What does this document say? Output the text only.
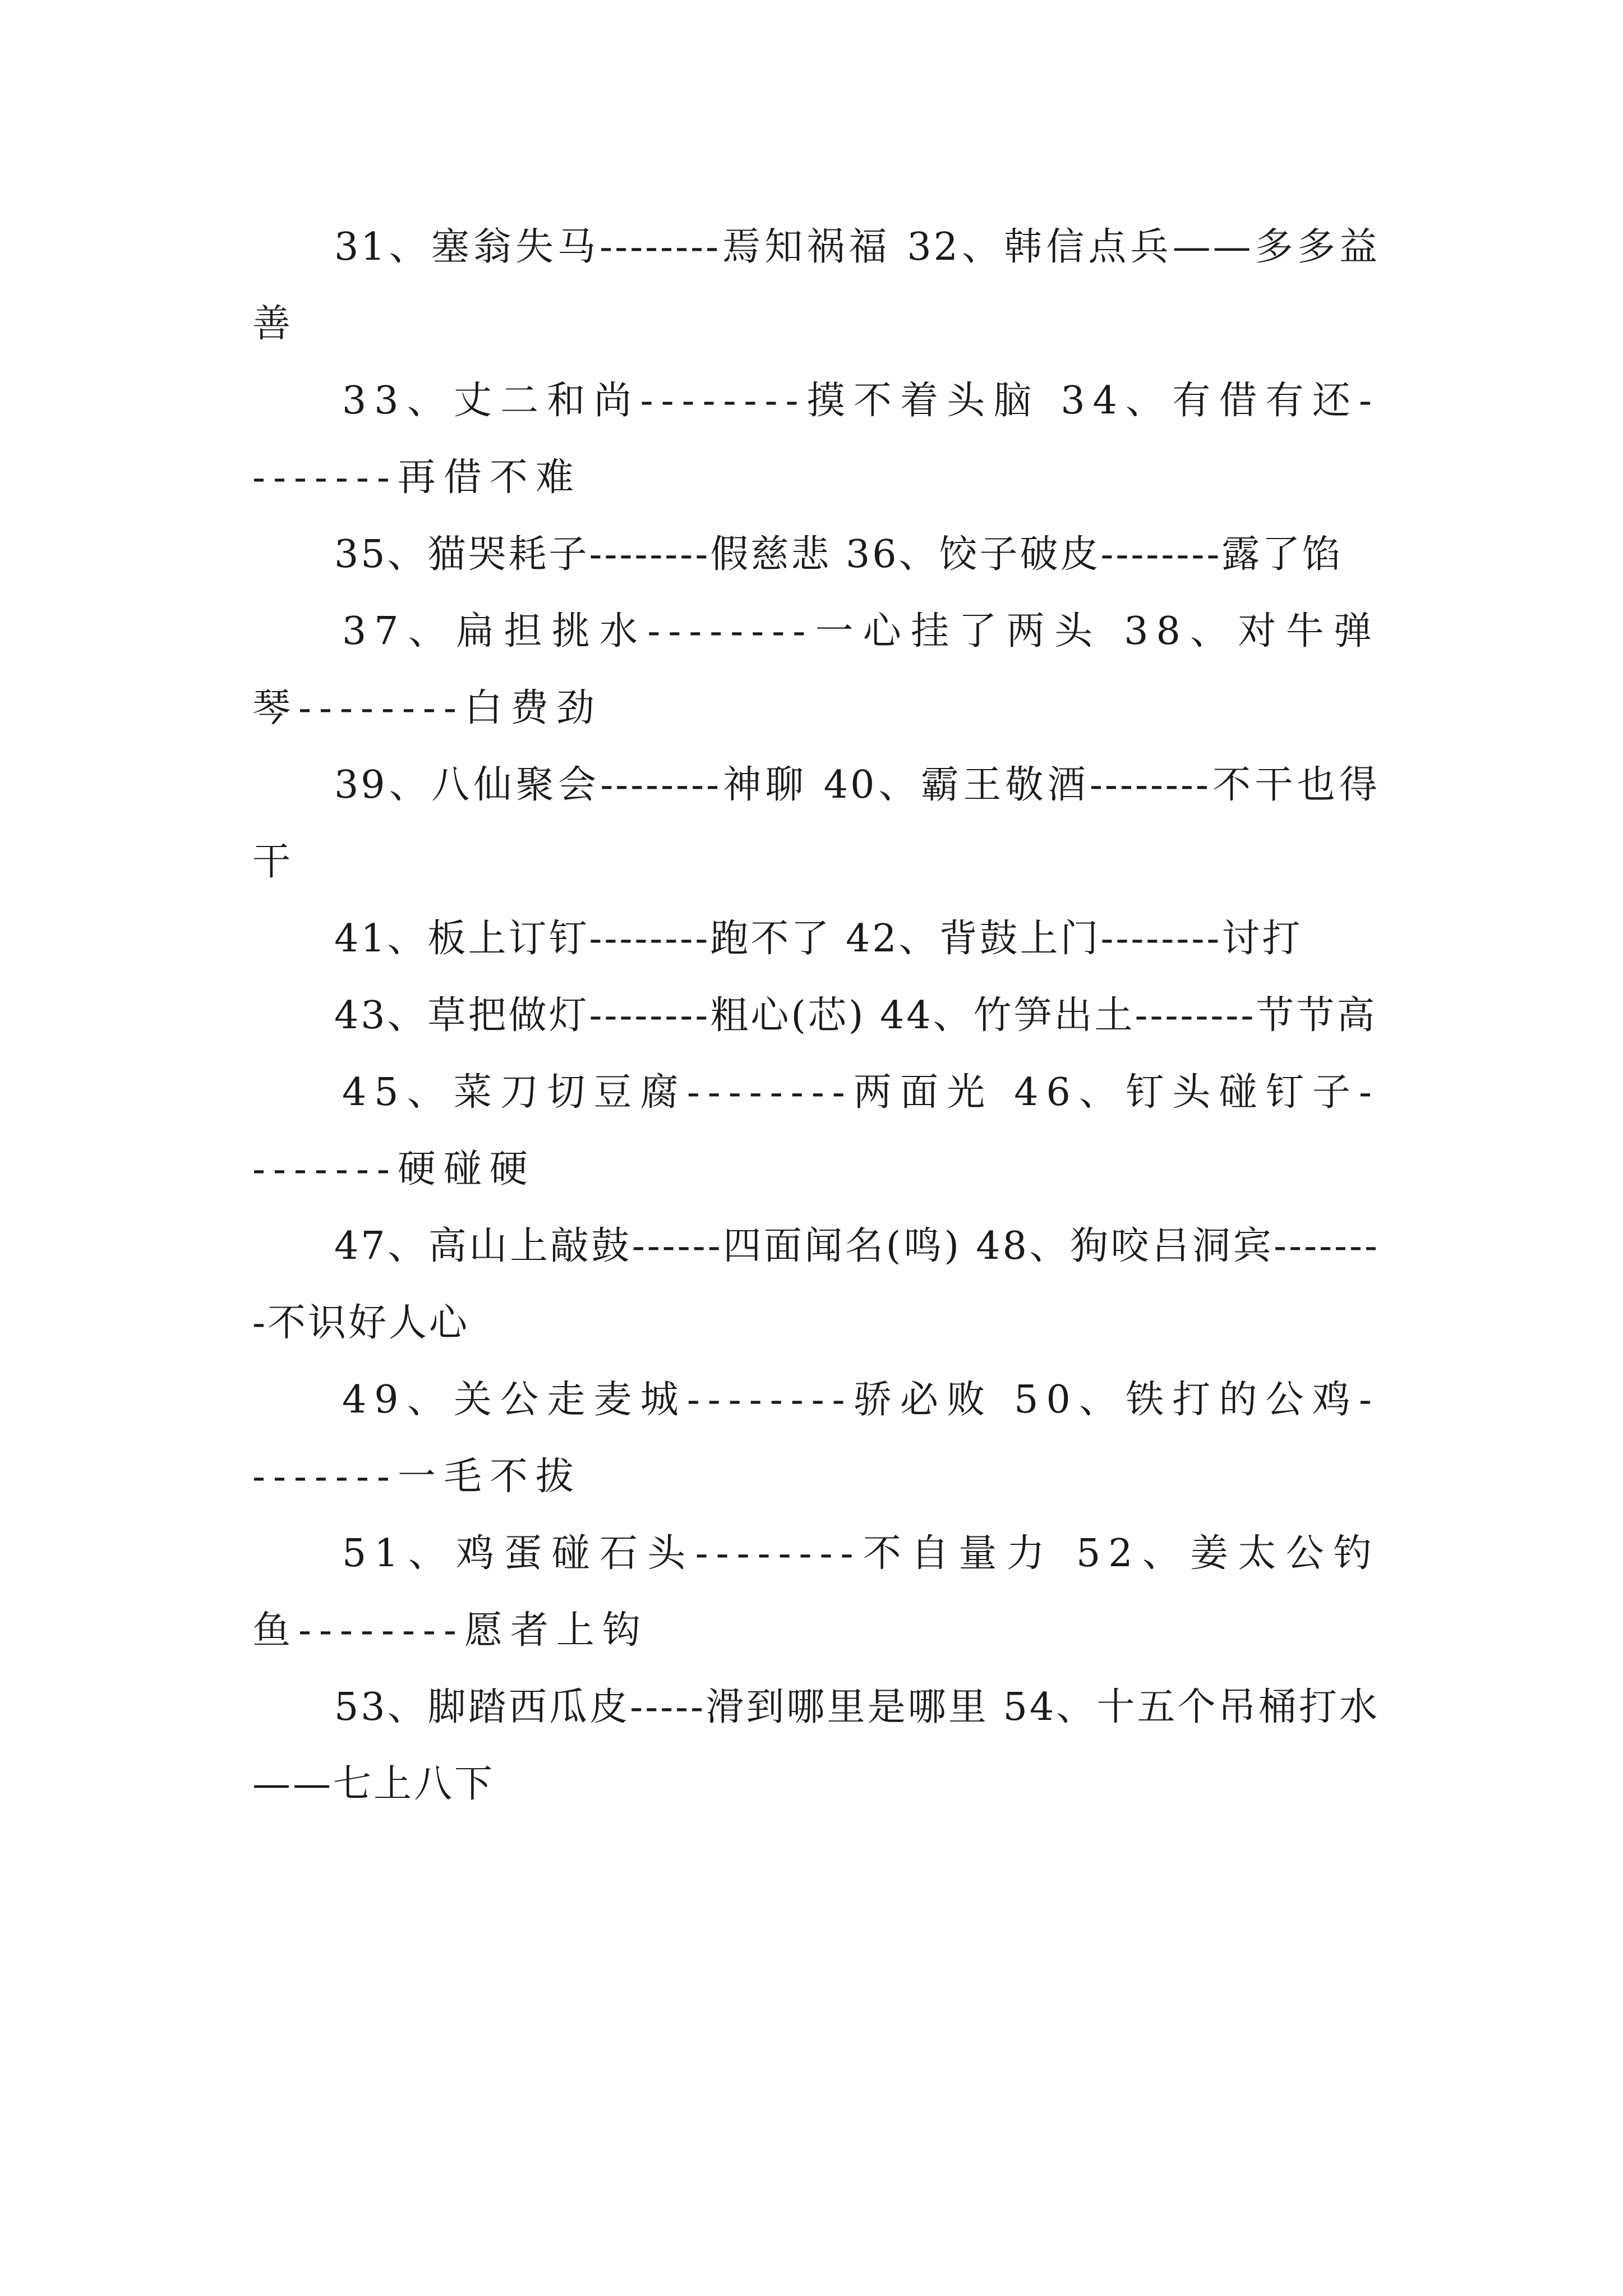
31、塞翁失马--------焉知祸福 32、韩信点兵——多多益善

33、丈二和尚--------摸不着头脑 34、有借有还--------再借不难

35、猫哭耗子--------假慈悲 36、饺子破皮--------露了馅

37、扁担挑水--------一心挂了两头 38、对牛弹琴--------白费劲

39、八仙聚会--------神聊 40、霸王敬酒--------不干也得干

41、板上订钉--------跑不了 42、背鼓上门--------讨打

43、草把做灯--------粗心(芯) 44、竹笋出土--------节节高

45、菜刀切豆腐--------两面光 46、钉头碰钉子--------硬碰硬

47、高山上敲鼓------四面闻名(鸣) 48、狗咬吕洞宾--------不识好人心

49、关公走麦城--------骄必败 50、铁打的公鸡--------一毛不拔

51、鸡蛋碰石头--------不自量力 52、姜太公钓鱼--------愿者上钩

53、脚踏西瓜皮-----滑到哪里是哪里 54、十五个吊桶打水——七上八下
